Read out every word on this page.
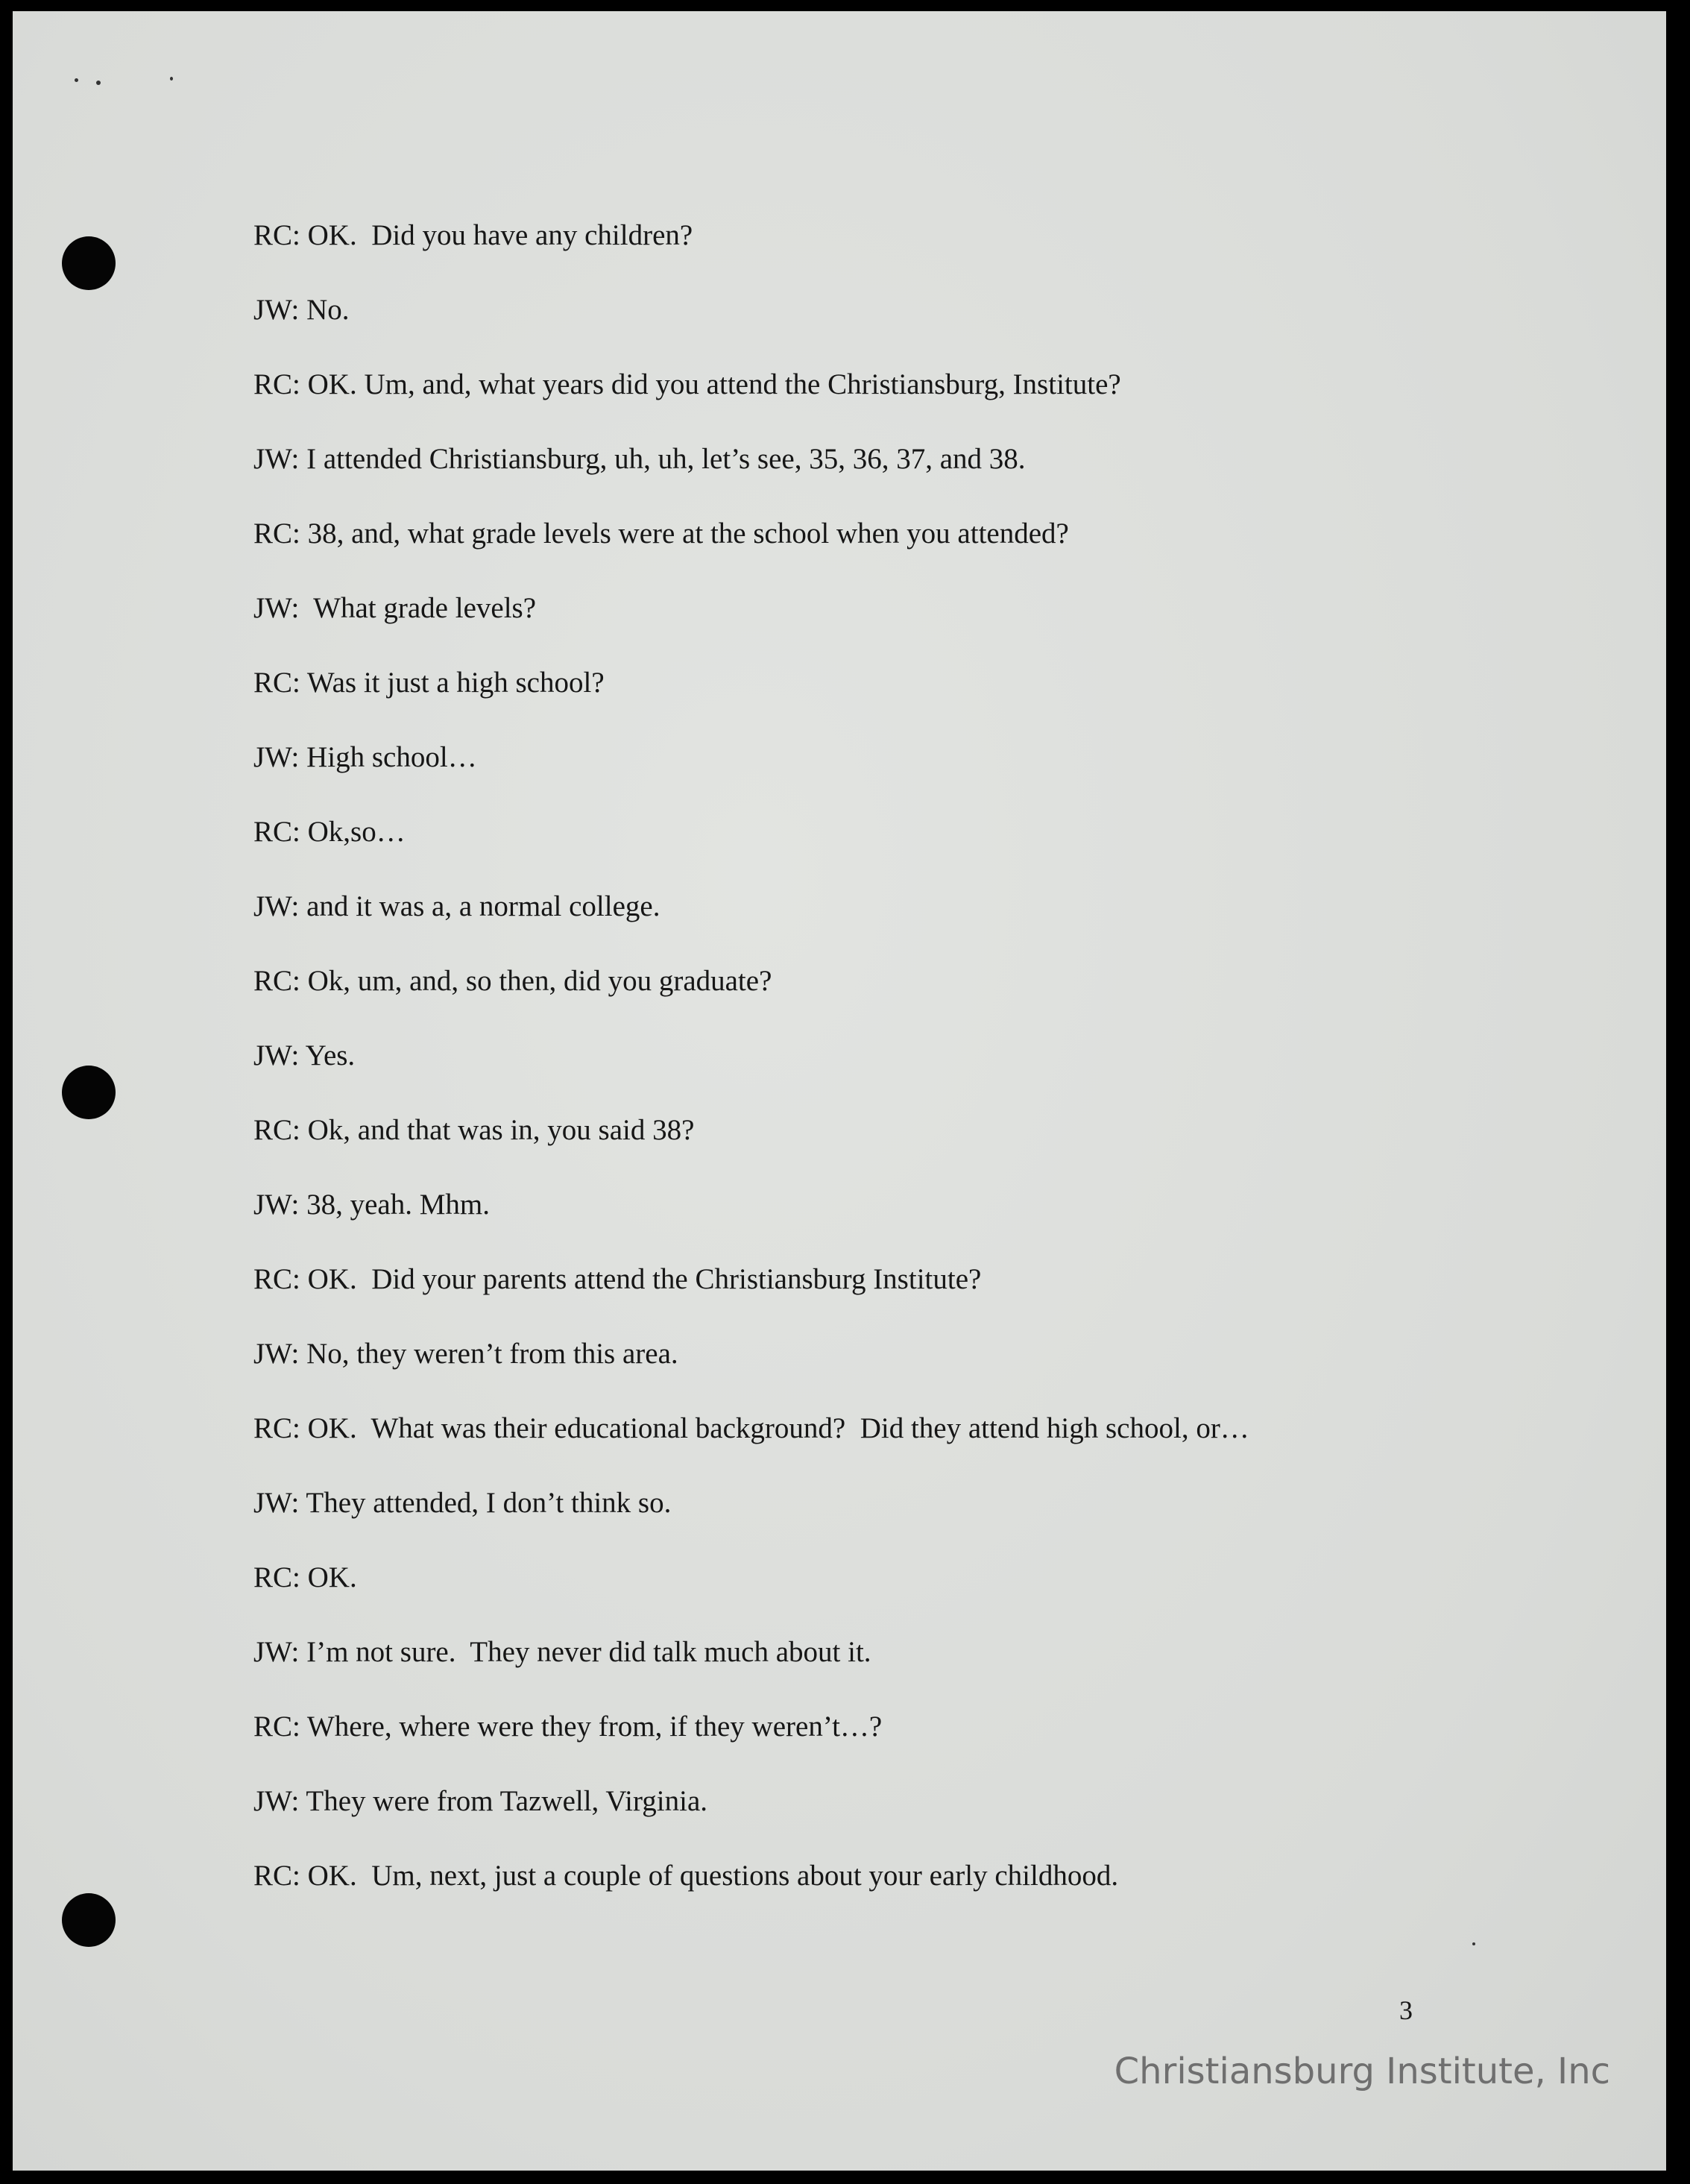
RC: OK.  Did you have any children?
JW: No.
RC: OK. Um, and, what years did you attend the Christiansburg, Institute?
JW: I attended Christiansburg, uh, uh, let’s see, 35, 36, 37, and 38.
RC: 38, and, what grade levels were at the school when you attended?
JW:  What grade levels?
RC: Was it just a high school?
JW: High school…
RC: Ok,so…
JW: and it was a, a normal college.
RC: Ok, um, and, so then, did you graduate?
JW: Yes.
RC: Ok, and that was in, you said 38?
JW: 38, yeah. Mhm.
RC: OK.  Did your parents attend the Christiansburg Institute?
JW: No, they weren’t from this area.
RC: OK.  What was their educational background?  Did they attend high school, or…
JW: They attended, I don’t think so.
RC: OK.
JW: I’m not sure.  They never did talk much about it.
RC: Where, where were they from, if they weren’t…?
JW: They were from Tazwell, Virginia.
RC: OK.  Um, next, just a couple of questions about your early childhood.
3
Christiansburg Institute, Inc
